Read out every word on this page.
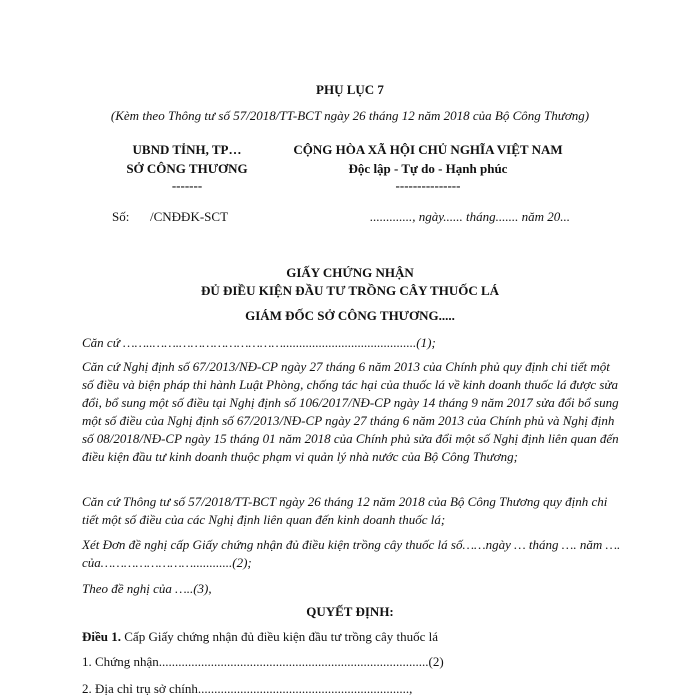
PHỤ LỤC 7
(Kèm theo Thông tư số 57/2018/TT-BCT ngày 26 tháng 12 năm 2018 của Bộ Công Thương)
UBND TỈNH, TP…
SỞ CÔNG THƯƠNG
-------
CỘNG HÒA XÃ HỘI CHỦ NGHĨA VIỆT NAM
Độc lập - Tự do - Hạnh phúc
---------------
Số: /CNĐĐK-SCT	............., ngày...... tháng....... năm 20...
GIẤY CHỨNG NHẬN
ĐỦ ĐIỀU KIỆN ĐẦU TƯ TRỒNG CÂY THUỐC LÁ
GIÁM ĐỐC SỞ CÔNG THƯƠNG.....
Căn cứ ……..…….……………………….........................................(1);
Căn cứ Nghị định số 67/2013/NĐ-CP ngày 27 tháng 6 năm 2013 của Chính phủ quy định chi tiết một số điều và biện pháp thi hành Luật Phòng, chống tác hại của thuốc lá về kinh doanh thuốc lá được sửa đổi, bổ sung một số điều tại Nghị định số 106/2017/NĐ-CP ngày 14 tháng 9 năm 2017 sửa đổi bổ sung một số điều của Nghị định số 67/2013/NĐ-CP ngày 27 tháng 6 năm 2013 của Chính phủ và Nghị định số 08/2018/NĐ-CP ngày 15 tháng 01 năm 2018 của Chính phủ sửa đổi một số Nghị định liên quan đến điều kiện đầu tư kinh doanh thuộc phạm vi quản lý nhà nước của Bộ Công Thương;
Căn cứ Thông tư số 57/2018/TT-BCT ngày 26 tháng 12 năm 2018 của Bộ Công Thương quy định chi tiết một số điều của các Nghị định liên quan đến kinh doanh thuốc lá;
Xét Đơn đề nghị cấp Giấy chứng nhận đủ điều kiện trồng cây thuốc lá số……ngày … tháng …. năm …. của……………………............(2);
Theo đề nghị của …..(3),
QUYẾT ĐỊNH:
Điều 1. Cấp Giấy chứng nhận đủ điều kiện đầu tư trồng cây thuốc lá
1. Chứng nhận...................................................................................(2)
2. Địa chỉ trụ sở chính.................................................................,
